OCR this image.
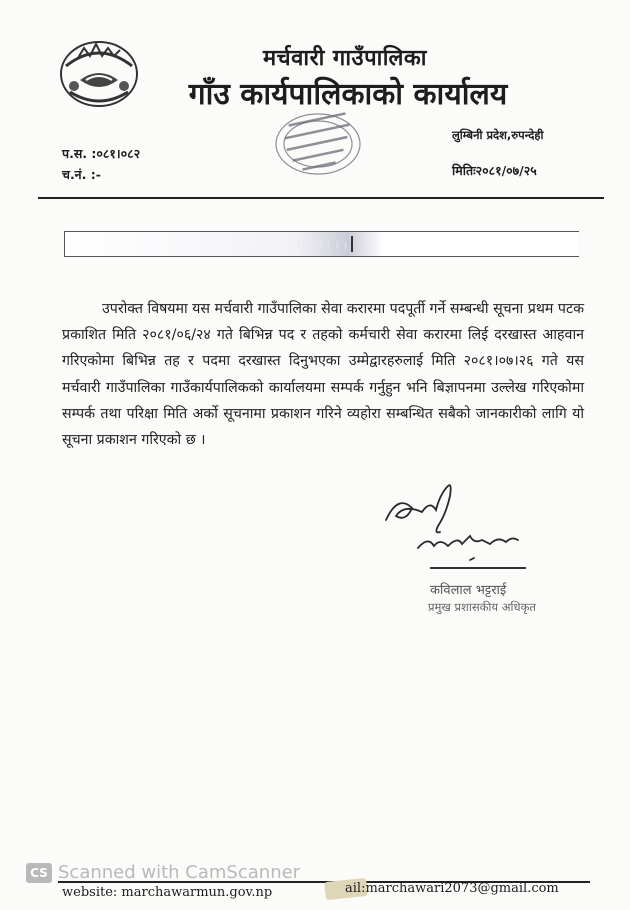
मर्चवारी गाउँपालिका
गाँउ कार्यपालिकाको कार्यालय
प.स. :०८१।०८२
च.नं. :-
लुम्बिनी प्रदेश,रुपन्देही
मितिः२०८१/०७/२५
सूचना । । ।
उपरोक्त विषयमा यस मर्चवारी गाउँपालिका सेवा करारमा पदपूर्ती गर्ने सम्बन्धी सूचना प्रथम पटक प्रकाशित मिति २०८१/०६/२४ गते बिभिन्न पद र तहको कर्मचारी सेवा करारमा लिई दरखास्त आहवान गरिएकोमा बिभिन्न तह र पदमा दरखास्त दिनुभएका उम्मेद्वारहरुलाई मिति २०८१।०७।२६ गते यस मर्चवारी गाउँपालिका गाउँकार्यपालिकको कार्यालयमा सम्पर्क गर्नुहुन भनि बिज्ञापनमा उल्लेख गरिएकोमा सम्पर्क तथा परिक्षा मिति अर्को सूचनामा प्रकाशन गरिने व्यहोरा सम्बन्धित सबैको जानकारीको लागि यो सूचना प्रकाशन गरिएको छ ।
कविलाल भट्टराई
प्रमुख प्रशासकीय अधिकृत
CS Scanned with CamScanner
website: marchawarmun.gov.np	ail:marchawari2073@gmail.com
